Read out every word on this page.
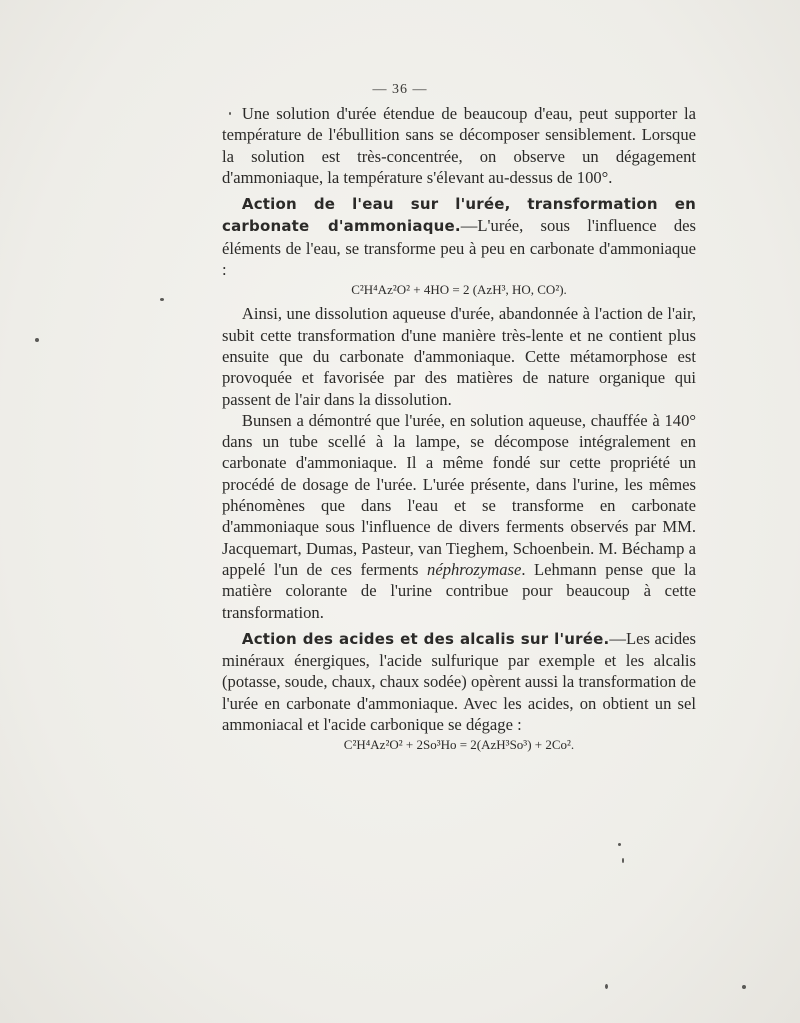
— 36 —

Une solution d'urée étendue de beaucoup d'eau, peut supporter la température de l'ébullition sans se décomposer sensiblement. Lorsque la solution est très-concentrée, on observe un dégagement d'ammoniaque, la température s'élevant au-dessus de 100°.

Action de l'eau sur l'urée, transformation en carbonate d'ammoniaque.—L'urée, sous l'influence des éléments de l'eau, se transforme peu à peu en carbonate d'ammoniaque :

C²H⁴Az²O² + 4HO = 2 (AzH³, HO, CO²).

Ainsi, une dissolution aqueuse d'urée, abandonnée à l'action de l'air, subit cette transformation d'une manière très-lente et ne contient plus ensuite que du carbonate d'ammoniaque. Cette métamorphose est provoquée et favorisée par des matières de nature organique qui passent de l'air dans la dissolution.

Bunsen a démontré que l'urée, en solution aqueuse, chauffée à 140° dans un tube scellé à la lampe, se décompose intégralement en carbonate d'ammoniaque. Il a même fondé sur cette propriété un procédé de dosage de l'urée. L'urée présente, dans l'urine, les mêmes phénomènes que dans l'eau et se transforme en carbonate d'ammoniaque sous l'influence de divers ferments observés par MM. Jacquemart, Dumas, Pasteur, van Tieghem, Schoenbein. M. Béchamp a appelé l'un de ces ferments néphrozymase. Lehmann pense que la matière colorante de l'urine contribue pour beaucoup à cette transformation.

Action des acides et des alcalis sur l'urée.—Les acides minéraux énergiques, l'acide sulfurique par exemple et les alcalis (potasse, soude, chaux, chaux sodée) opèrent aussi la transformation de l'urée en carbonate d'ammoniaque. Avec les acides, on obtient un sel ammoniacal et l'acide carbonique se dégage :

C²H⁴Az²O² + 2So³Ho = 2(AzH³So³) + 2Co².
